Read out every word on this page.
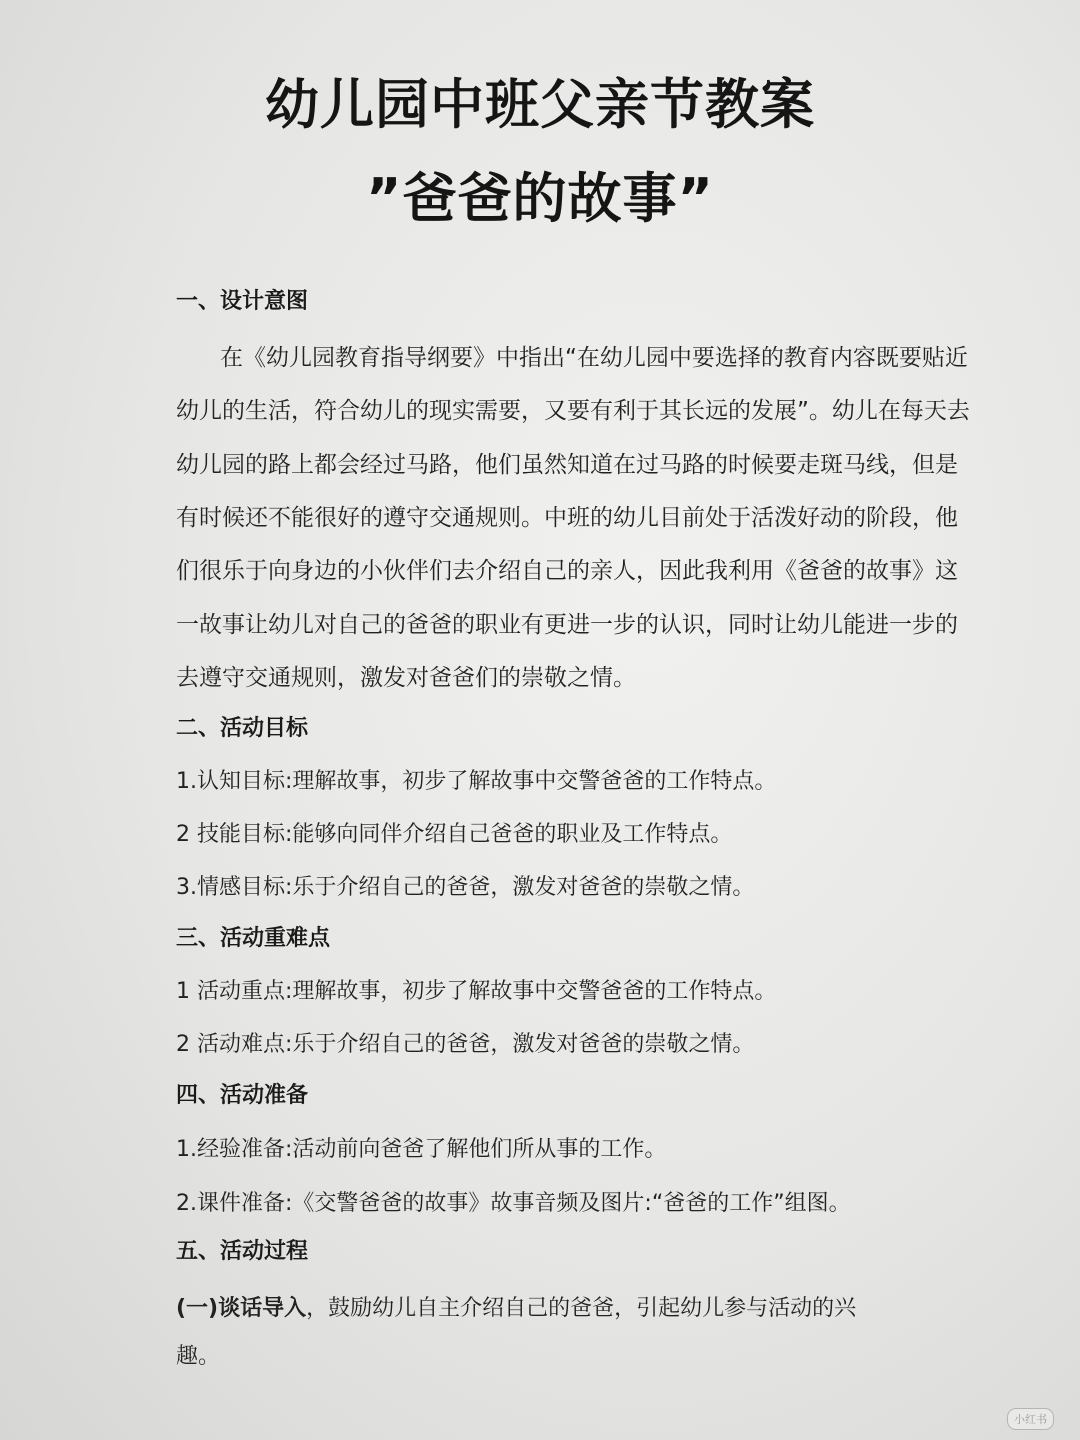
幼儿园中班父亲节教案
”爸爸的故事”
一、设计意图
在《幼儿园教育指导纲要》中指出“在幼儿园中要选择的教育内容既要贴近
幼儿的生活，符合幼儿的现实需要，又要有利于其长远的发展”。幼儿在每天去
幼儿园的路上都会经过马路，他们虽然知道在过马路的时候要走斑马线，但是
有时候还不能很好的遵守交通规则。中班的幼儿目前处于活泼好动的阶段，他
们很乐于向身边的小伙伴们去介绍自己的亲人，因此我利用《爸爸的故事》这
一故事让幼儿对自己的爸爸的职业有更进一步的认识，同时让幼儿能进一步的
去遵守交通规则，激发对爸爸们的崇敬之情。
二、活动目标
1.认知目标:理解故事，初步了解故事中交警爸爸的工作特点。
2 技能目标:能够向同伴介绍自己爸爸的职业及工作特点。
3.情感目标:乐于介绍自己的爸爸，激发对爸爸的崇敬之情。
三、活动重难点
1 活动重点:理解故事，初步了解故事中交警爸爸的工作特点。
2 活动难点:乐于介绍自己的爸爸，激发对爸爸的崇敬之情。
四、活动准备
1.经验准备:活动前向爸爸了解他们所从事的工作。
2.课件准备:《交警爸爸的故事》故事音频及图片:“爸爸的工作”组图。
五、活动过程
(一)谈话导入，鼓励幼儿自主介绍自己的爸爸，引起幼儿参与活动的兴
趣。
小红书
